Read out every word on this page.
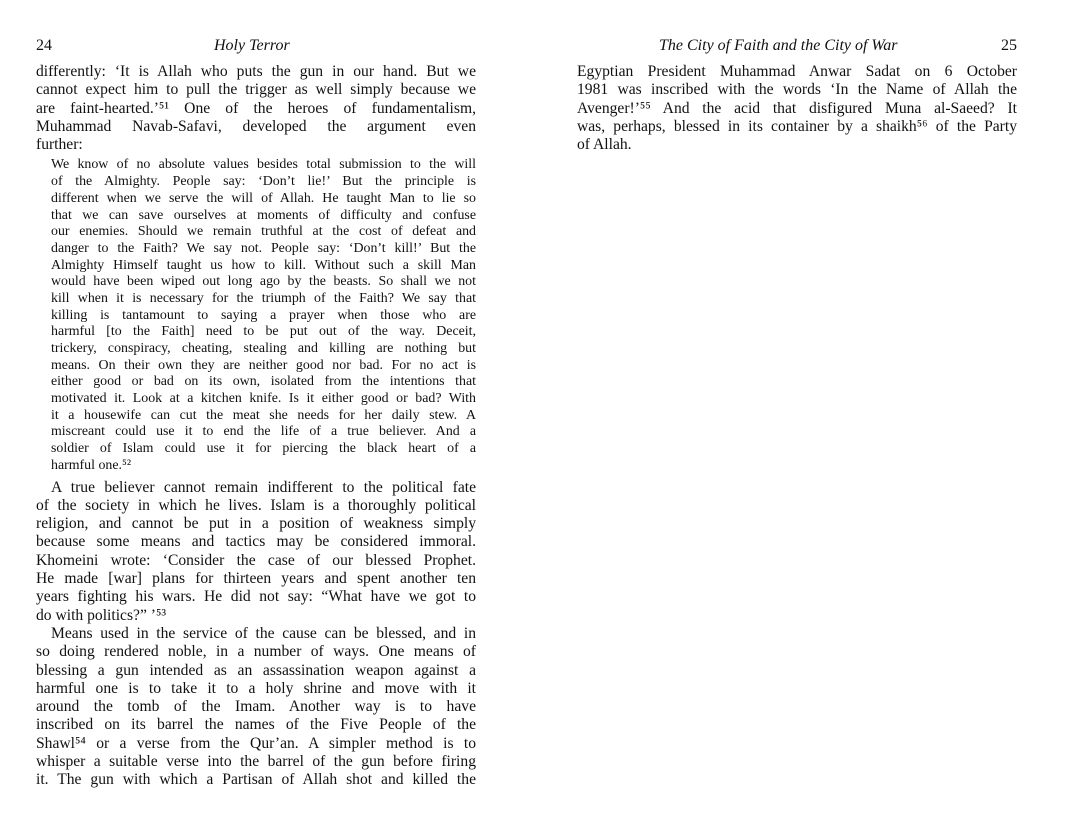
24	Holy Terror
differently: ‘It is Allah who puts the gun in our hand. But we
cannot expect him to pull the trigger as well simply because we
are faint-hearted.’⁵¹ One of the heroes of fundamentalism,
Muhammad Navab-Safavi, developed the argument even
further:
We know of no absolute values besides total submission to the will
of the Almighty. People say: ‘Don’t lie!’ But the principle is
different when we serve the will of Allah. He taught Man to lie so
that we can save ourselves at moments of difficulty and confuse
our enemies. Should we remain truthful at the cost of defeat and
danger to the Faith? We say not. People say: ‘Don’t kill!’ But the
Almighty Himself taught us how to kill. Without such a skill Man
would have been wiped out long ago by the beasts. So shall we not
kill when it is necessary for the triumph of the Faith? We say that
killing is tantamount to saying a prayer when those who are
harmful [to the Faith] need to be put out of the way. Deceit,
trickery, conspiracy, cheating, stealing and killing are nothing but
means. On their own they are neither good nor bad. For no act is
either good or bad on its own, isolated from the intentions that
motivated it. Look at a kitchen knife. Is it either good or bad? With
it a housewife can cut the meat she needs for her daily stew. A
miscreant could use it to end the life of a true believer. And a
soldier of Islam could use it for piercing the black heart of a
harmful one.⁵²
A true believer cannot remain indifferent to the political fate
of the society in which he lives. Islam is a thoroughly political
religion, and cannot be put in a position of weakness simply
because some means and tactics may be considered immoral.
Khomeini wrote: ‘Consider the case of our blessed Prophet.
He made [war] plans for thirteen years and spent another ten
years fighting his wars. He did not say: “What have we got to
do with politics?” ’⁵³
Means used in the service of the cause can be blessed, and in
so doing rendered noble, in a number of ways. One means of
blessing a gun intended as an assassination weapon against a
harmful one is to take it to a holy shrine and move with it
around the tomb of the Imam. Another way is to have
inscribed on its barrel the names of the Five People of the
Shawl⁵⁴ or a verse from the Qur’an. A simpler method is to
whisper a suitable verse into the barrel of the gun before firing
it. The gun with which a Partisan of Allah shot and killed the
The City of Faith and the City of War	25
Egyptian President Muhammad Anwar Sadat on 6 October
1981 was inscribed with the words ‘In the Name of Allah the
Avenger!’⁵⁵ And the acid that disfigured Muna al-Saeed? It
was, perhaps, blessed in its container by a shaikh⁵⁶ of the Party
of Allah.
